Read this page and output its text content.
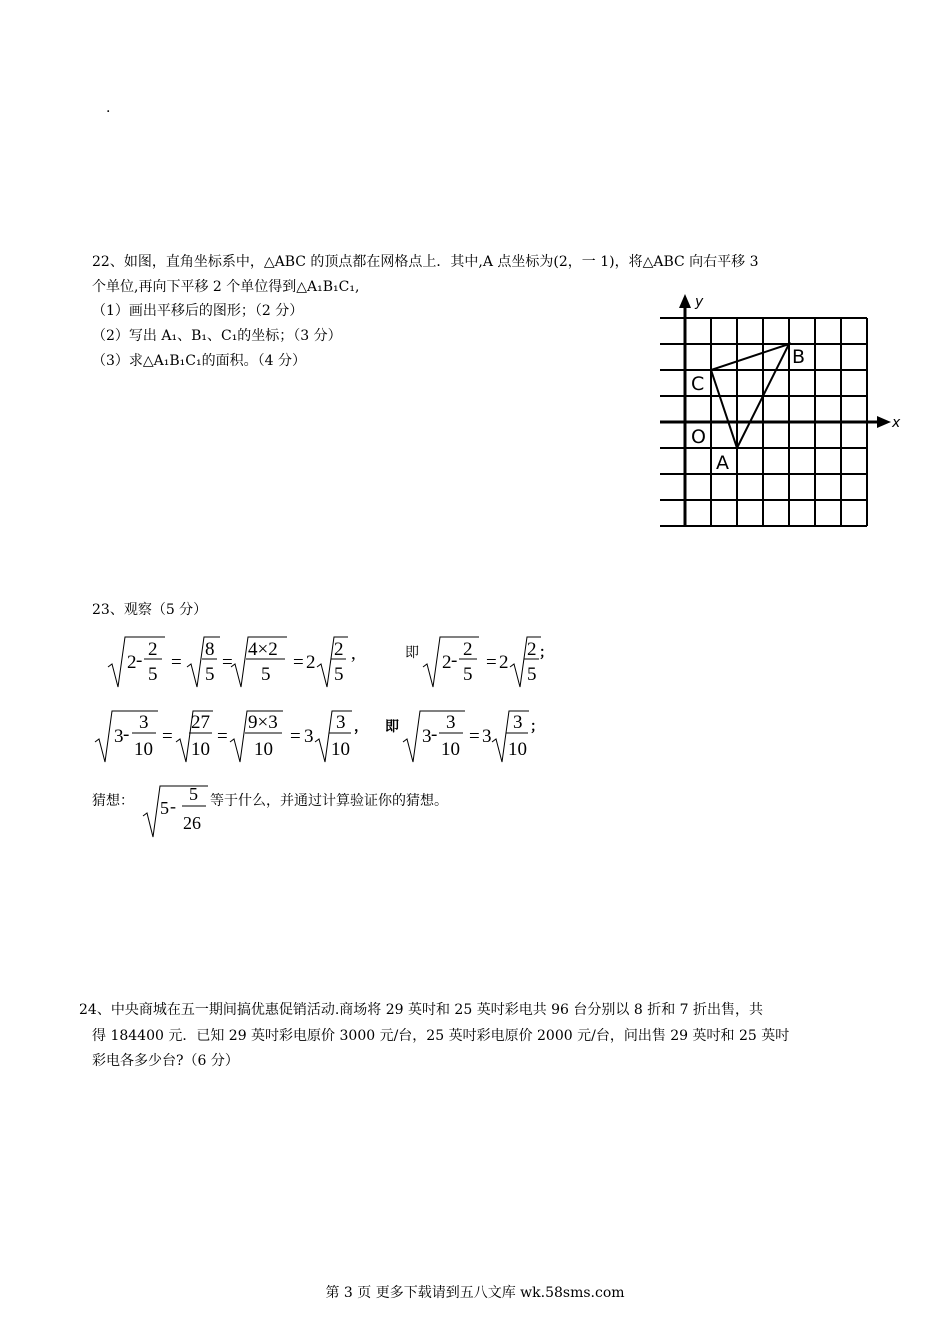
·
22、如图，直角坐标系中，△ABC 的顶点都在网格点上．其中,A 点坐标为(2，一 1)，将△ABC 向右平移 3
个单位,再向下平移 2 个单位得到△A₁B₁C₁,
（1）画出平移后的图形；（2 分）
（2）写出 A₁、B₁、C₁的坐标；（3 分）
（3）求△A₁B₁C₁的面积。（4 分）
x
y
B
C
O
A
23、观察（5 分）
2 -
2
5
=
8
5
=
4×2
5
= 2
2
5
,	即 2 -
2
5
= 2
2
5
；
3 -
3
10
=
27
10
=
9×3
10
= 3
3
10
， 即 3 -
3
10
= 3
3
10
；
猜想： 5 -
5
26
等于什么，并通过计算验证你的猜想。
24、中央商城在五一期间搞优惠促销活动.商场将 29 英吋和 25 英吋彩电共 96 台分别以 8 折和 7 折出售，共
得 184400 元．已知 29 英吋彩电原价 3000 元/台，25 英吋彩电原价 2000 元/台，问出售 29 英吋和 25 英吋
彩电各多少台?（6 分）
第 3 页 更多下载请到五八文库 wk.58sms.com
